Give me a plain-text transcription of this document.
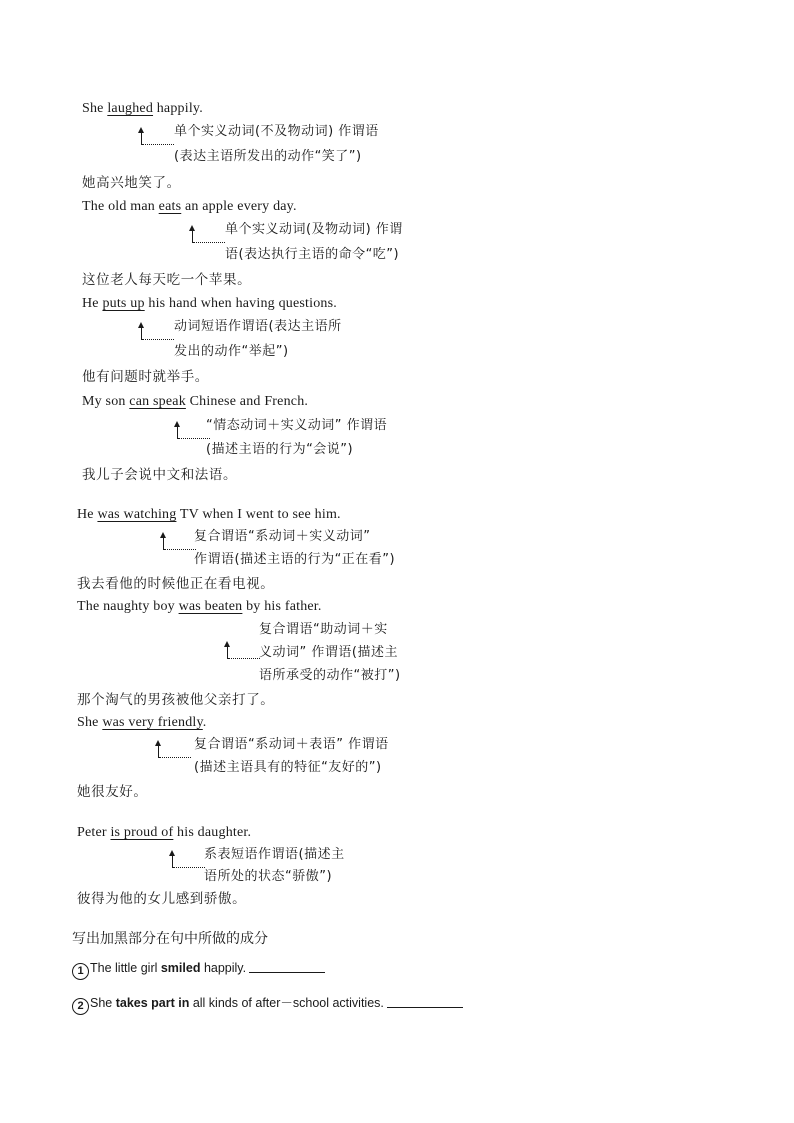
She laughed happily.
单个实义动词(不及物动词) 作谓语
(表达主语所发出的动作“笑了”)
她高兴地笑了。
The old man eats an apple every day.
单个实义动词(及物动词) 作谓
语(表达执行主语的命令“吃”)
这位老人每天吃一个苹果。
He puts up his hand when having questions.
动词短语作谓语(表达主语所
发出的动作“举起”)
他有问题时就举手。
My son can speak Chinese and French.
“情态动词＋实义动词” 作谓语
(描述主语的行为“会说”)
我儿子会说中文和法语。
He was watching TV when I went to see him.
复合谓语“系动词＋实义动词”
作谓语(描述主语的行为“正在看”)
我去看他的时候他正在看电视。
The naughty boy was beaten by his father.
复合谓语“助动词＋实
义动词” 作谓语(描述主
语所承受的动作“被打”)
那个淘气的男孩被他父亲打了。
She was very friendly.
复合谓语“系动词＋表语” 作谓语
(描述主语具有的特征“友好的”)
她很友好。
Peter is proud of his daughter.
系表短语作谓语(描述主
语所处的状态“骄傲”)
彼得为他的女儿感到骄傲。
写出加黑部分在句中所做的成分
1 The little girl smiled happily.
2 She takes part in all kinds of after－school activities.
